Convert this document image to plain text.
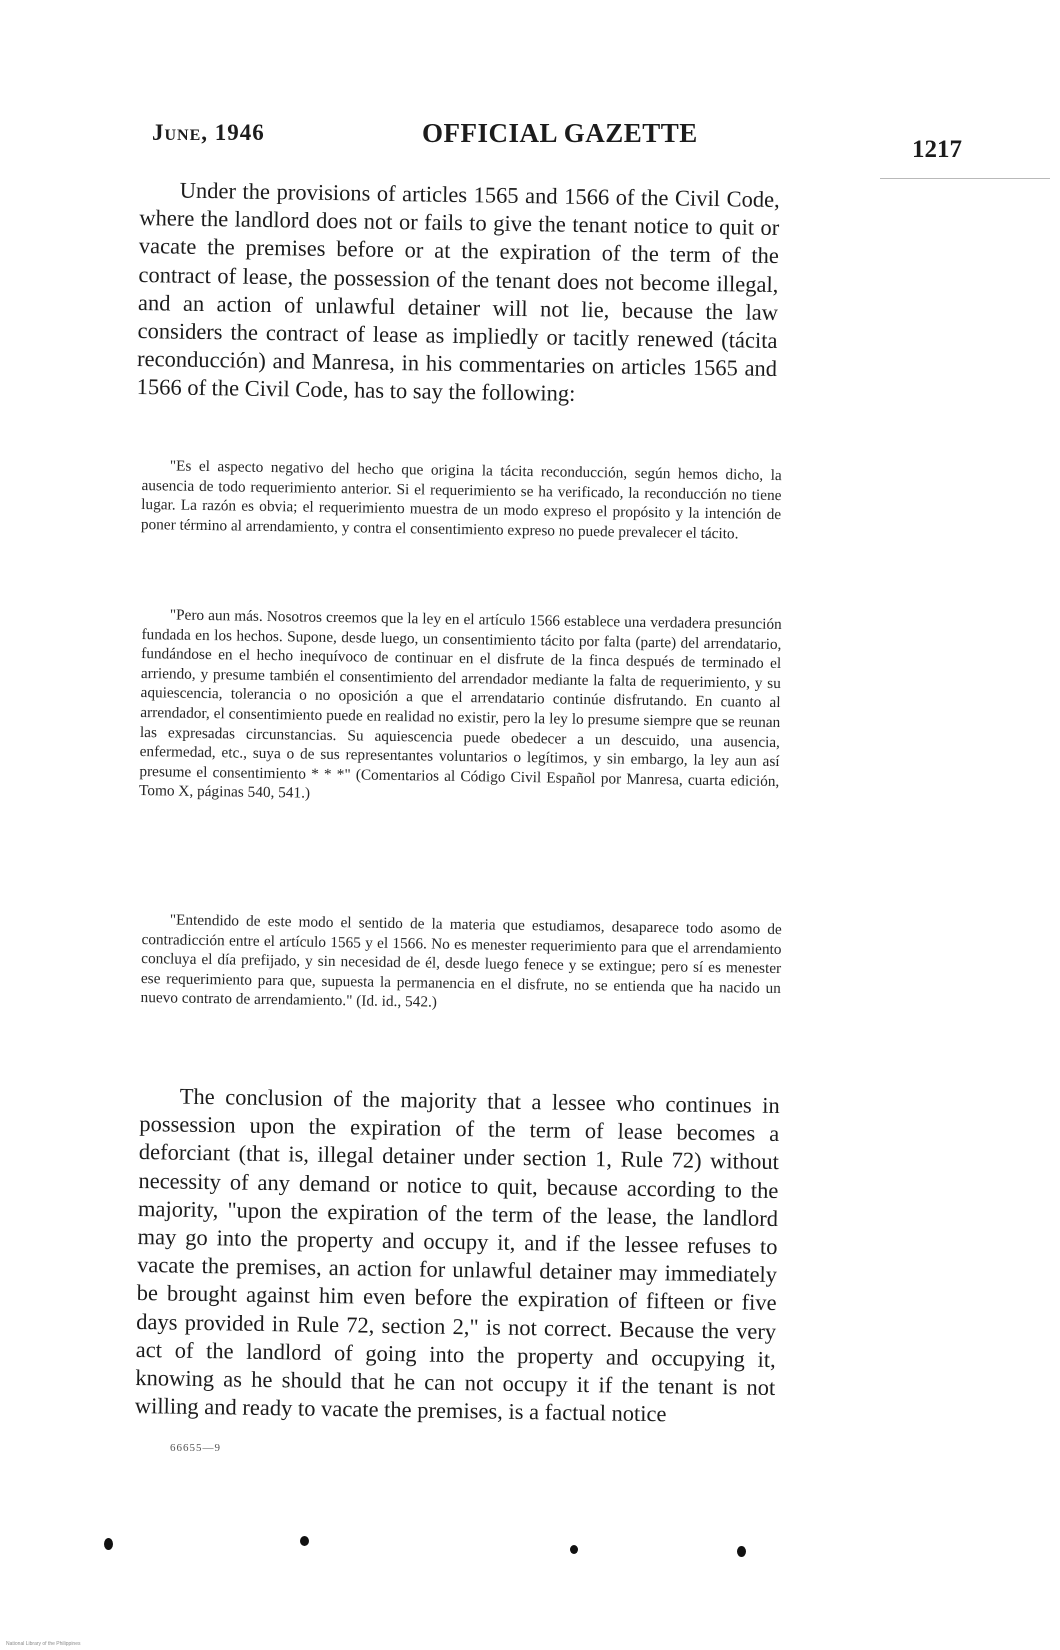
June, 1946	OFFICIAL GAZETTE
1217

Under the provisions of articles 1565 and 1566 of the Civil Code, where the landlord does not or fails to give the tenant notice to quit or vacate the premises before or at the expiration of the term of the contract of lease, the possession of the tenant does not become illegal, and an action of unlawful detainer will not lie, because the law considers the contract of lease as impliedly or tacitly renewed (tácita reconducción) and Manresa, in his commentaries on articles 1565 and 1566 of the Civil Code, has to say the following:

"Es el aspecto negativo del hecho que origina la tácita reconducción, según hemos dicho, la ausencia de todo requerimiento anterior. Si el requerimiento se ha verificado, la reconducción no tiene lugar. La razón es obvia; el requerimiento muestra de un modo expreso el propósito y la intención de poner término al arrendamiento, y contra el consentimiento expreso no puede prevalecer el tácito.

"Pero aun más. Nosotros creemos que la ley en el artículo 1566 establece una verdadera presunción fundada en los hechos. Supone, desde luego, un consentimiento tácito por falta (parte) del arrendatario, fundándose en el hecho inequívoco de continuar en el disfrute de la finca después de terminado el arriendo, y presume también el consentimiento del arrendador mediante la falta de requerimiento, y su aquiescencia, tolerancia o no oposición a que el arrendatario continúe disfrutando. En cuanto al arrendador, el consentimiento puede en realidad no existir, pero la ley lo presume siempre que se reunan las expresadas circunstancias. Su aquiescencia puede obedecer a un descuido, una ausencia, enfermedad, etc., suya o de sus representantes voluntarios o legítimos, y sin embargo, la ley aun así presume el consentimiento * * *" (Comentarios al Código Civil Español por Manresa, cuarta edición, Tomo X, páginas 540, 541.)

"Entendido de este modo el sentido de la materia que estudiamos, desaparece todo asomo de contradicción entre el artículo 1565 y el 1566. No es menester requerimiento para que el arrendamiento concluya el día prefijado, y sin necesidad de él, desde luego fenece y se extingue; pero sí es menester ese requerimiento para que, supuesta la permanencia en el disfrute, no se entienda que ha nacido un nuevo contrato de arrendamiento." (Id. id., 542.)

The conclusion of the majority that a lessee who continues in possession upon the expiration of the term of lease becomes a deforciant (that is, illegal detainer under section 1, Rule 72) without necessity of any demand or notice to quit, because according to the majority, "upon the expiration of the term of the lease, the landlord may go into the property and occupy it, and if the lessee refuses to vacate the premises, an action for unlawful detainer may immediately be brought against him even before the expiration of fifteen or five days provided in Rule 72, section 2," is not correct. Because the very act of the landlord of going into the property and occupying it, knowing as he should that he can not occupy it if the tenant is not willing and ready to vacate the premises, is a factual notice

66655—9
National Library of the Philippines
